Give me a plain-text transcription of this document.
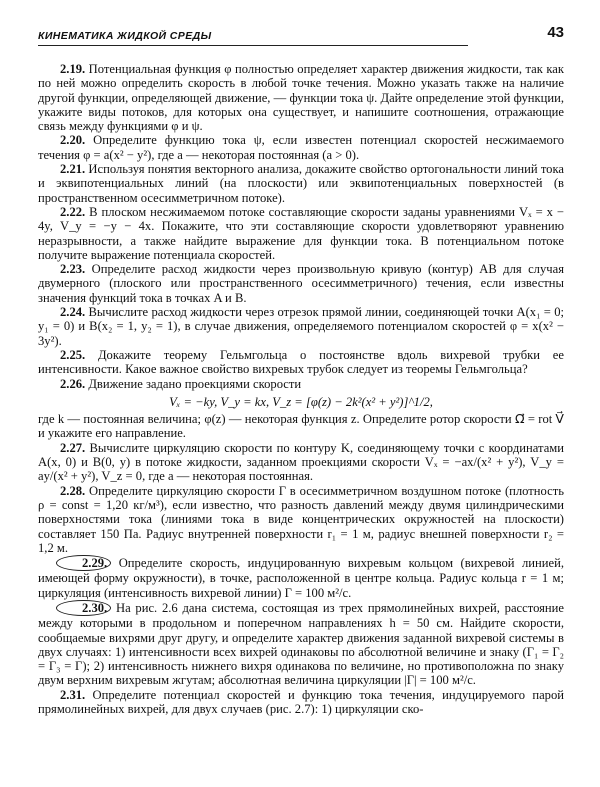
КИНЕМАТИКА ЖИДКОЙ СРЕДЫ	43

2.19. Потенциальная функция φ полностью определяет характер движения жидкости, так как по ней можно определить скорость в любой точке течения. Можно указать также на наличие другой функции, определяющей движение, — функции тока ψ. Дайте определение этой функции, укажите виды потоков, для которых она существует, и напишите соотношения, отражающие связь между функциями φ и ψ.

2.20. Определите функцию тока ψ, если известен потенциал скоростей несжимаемого течения φ = a(x² − y²), где a — некоторая постоянная (a > 0).

2.21. Используя понятия векторного анализа, докажите свойство ортогональности линий тока и эквипотенциальных линий (на плоскости) или эквипотенциальных поверхностей (в пространственном осесимметричном потоке).

2.22. В плоском несжимаемом потоке составляющие скорости заданы уравнениями Vₓ = x − 4y, V_y = −y − 4x. Покажите, что эти составляющие скорости удовлетворяют уравнению неразрывности, а также найдите выражение для функции тока. В потенциальном потоке получите выражение потенциала скоростей.

2.23. Определите расход жидкости через произвольную кривую (контур) AB для случая двумерного (плоского или пространственного осесимметричного) течения, если известны значения функций тока в точках A и B.

2.24. Вычислите расход жидкости через отрезок прямой линии, соединяющей точки A(x₁ = 0; y₁ = 0) и B(x₂ = 1, y₂ = 1), в случае движения, определяемого потенциалом скоростей φ = x(x² − 3y²).

2.25. Докажите теорему Гельмгольца о постоянстве вдоль вихревой трубки ее интенсивности. Какое важное свойство вихревых трубок следует из теоремы Гельмгольца?

2.26. Движение задано проекциями скорости

Vₓ = −ky, V_y = kx, V_z = [φ(z) − 2k²(x² + y²)]^1/2,

где k — постоянная величина; φ(z) — некоторая функция z. Определите ротор скорости Ω⃗ = rot V⃗ и укажите его направление.

2.27. Вычислите циркуляцию скорости по контуру K, соединяющему точки с координатами A(x, 0) и B(0, y) в потоке жидкости, заданном проекциями скорости Vₓ = −ax/(x² + y²), V_y = ay/(x² + y²), V_z = 0, где a — некоторая постоянная.

2.28. Определите циркуляцию скорости Γ в осесимметричном воздушном потоке (плотность ρ = const = 1,20 кг/м³), если известно, что разность давлений между двумя цилиндрическими поверхностями тока (линиями тока в виде концентрических окружностей на плоскости) составляет 150 Па. Радиус внутренней поверхности r₁ = 1 м, радиус внешней поверхности r₂ = 1,2 м.

2.29. Определите скорость, индуцированную вихревым кольцом (вихревой линией, имеющей форму окружности), в точке, расположенной в центре кольца. Радиус кольца r = 1 м; циркуляция (интенсивность вихревой линии) Γ = 100 м²/с.

2.30. На рис. 2.6 дана система, состоящая из трех прямолинейных вихрей, расстояние между которыми в продольном и поперечном направлениях h = 50 см. Найдите скорости, сообщаемые вихрями друг другу, и определите характер движения заданной вихревой системы в двух случаях: 1) интенсивности всех вихрей одинаковы по абсолютной величине и знаку (Γ₁ = Γ₂ = Γ₃ = Γ); 2) интенсивность нижнего вихря одинакова по величине, но противоположна по знаку двум верхним вихревым жгутам; абсолютная величина циркуляции |Γ| = 100 м²/с.

2.31. Определите потенциал скоростей и функцию тока течения, индуцируемого парой прямолинейных вихрей, для двух случаев (рис. 2.7): 1) циркуляции ско-
